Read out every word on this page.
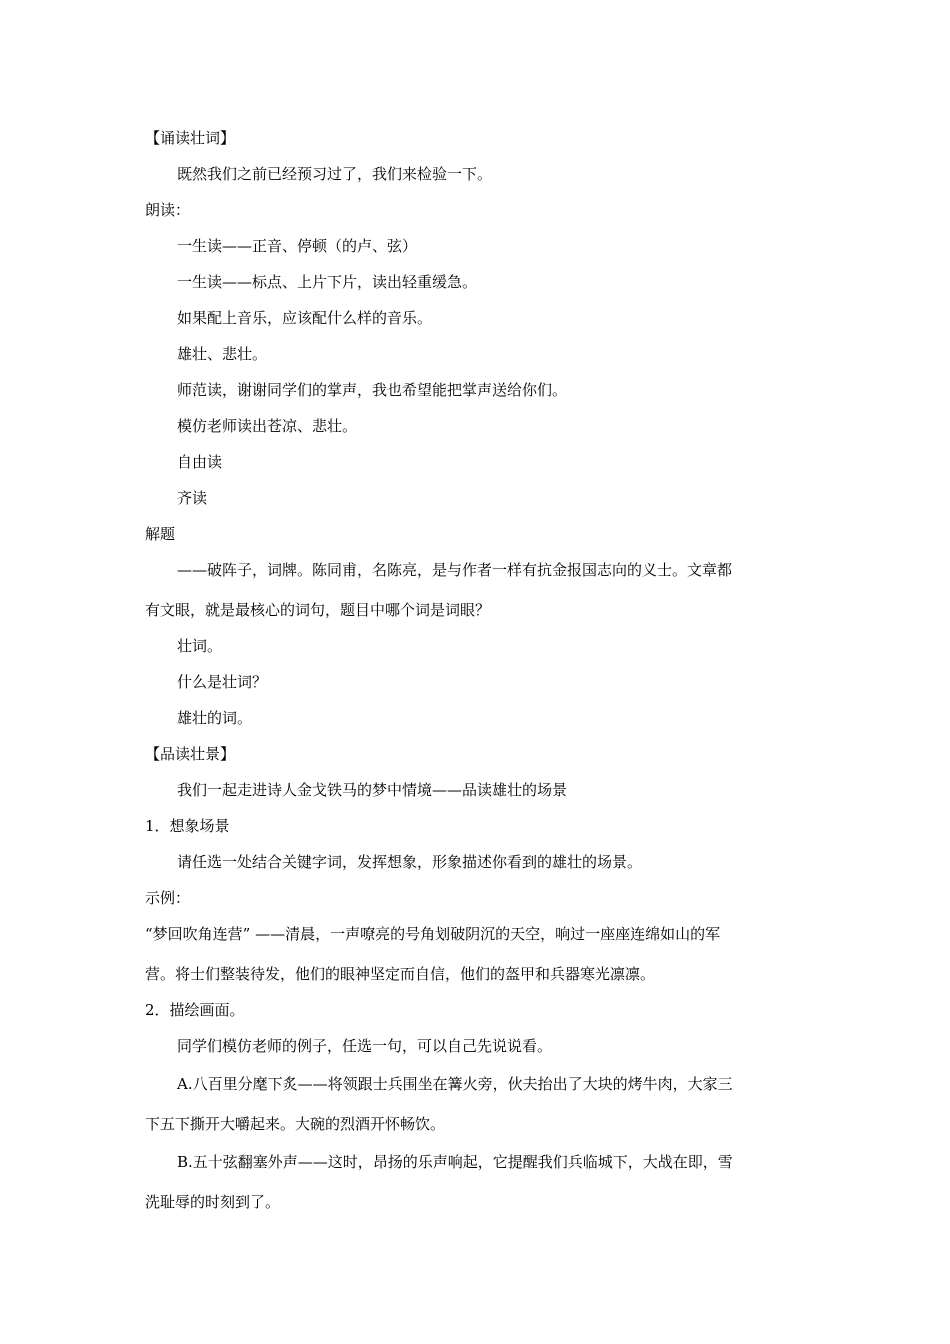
【诵读壮词】
既然我们之前已经预习过了，我们来检验一下。
朗读：
一生读——正音、停顿（的卢、弦）
一生读——标点、上片下片，读出轻重缓急。
如果配上音乐，应该配什么样的音乐。
雄壮、悲壮。
师范读，谢谢同学们的掌声，我也希望能把掌声送给你们。
模仿老师读出苍凉、悲壮。
自由读
齐读
解题
——破阵子，词牌。陈同甫，名陈亮，是与作者一样有抗金报国志向的义士。文章都
有文眼，就是最核心的词句，题目中哪个词是词眼？
壮词。
什么是壮词？
雄壮的词。
【品读壮景】
我们一起走进诗人金戈铁马的梦中情境——品读雄壮的场景
1．想象场景
请任选一处结合关键字词，发挥想象，形象描述你看到的雄壮的场景。
示例：
“梦回吹角连营” ——清晨，一声嘹亮的号角划破阴沉的天空，响过一座座连绵如山的军
营。将士们整装待发，他们的眼神坚定而自信，他们的盔甲和兵器寒光凛凛。
2．描绘画面。
同学们模仿老师的例子，任选一句，可以自己先说说看。
A.八百里分麾下炙——将领跟士兵围坐在篝火旁，伙夫抬出了大块的烤牛肉，大家三
下五下撕开大嚼起来。大碗的烈酒开怀畅饮。
B.五十弦翻塞外声——这时，昂扬的乐声响起，它提醒我们兵临城下，大战在即，雪
洗耻辱的时刻到了。
